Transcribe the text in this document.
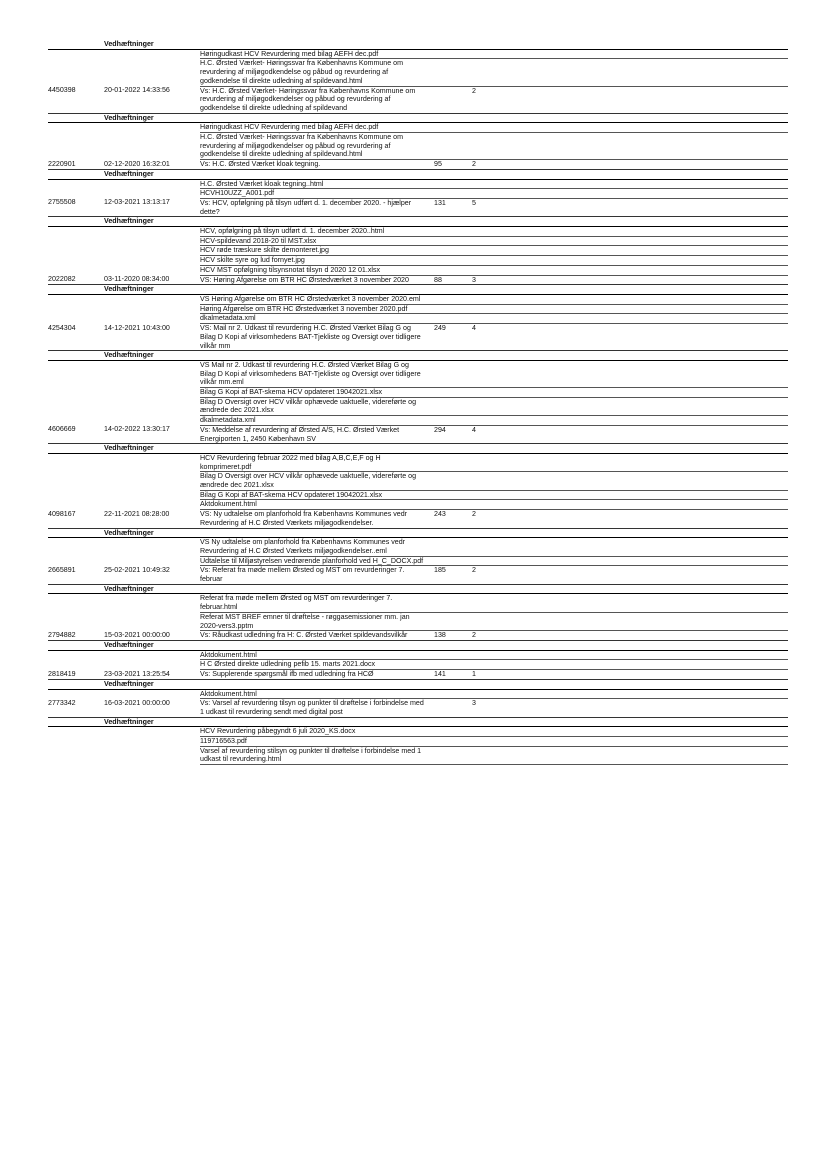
	Vedhæftninger				
		Høringudkast HCV Revurdering med bilag AEFH dec.pdf			
		H.C. Ørsted Værket- Høringssvar fra Københavns Kommune om revurdering af miljøgodkendelse og påbud og revurdering af godkendelse til direkte udledning af spildevand.html			
4450398	20-01-2022 14:33:56	Vs: H.C. Ørsted Værket- Høringssvar fra Københavns Kommune om revurdering af miljøgodkendelser og påbud og revurdering af godkendelse til direkte udledning af spildevand		2	
	Vedhæftninger				
		Høringudkast HCV Revurdering med bilag AEFH dec.pdf			
		H.C. Ørsted Værket- Høringssvar fra Københavns Kommune om revurdering af miljøgodkendelser og påbud og revurdering af godkendelse til direkte udledning af spildevand.html			
2220901	02-12-2020 16:32:01	Vs: H.C. Ørsted Værket kloak tegning.	95	2	
	Vedhæftninger				
		H.C. Ørsted Værket kloak tegning..html			
		HCVH10UZZ_A001.pdf			
2755508	12-03-2021 13:13:17	Vs: HCV, opfølgning på tilsyn udført d. 1. december 2020. - hjælper dette?	131	5	
	Vedhæftninger				
		HCV, opfølgning på tilsyn udført d. 1. december 2020..html			
		HCV-spildevand 2018-20 til MST.xlsx			
		HCV røde træskure skilte demonteret.jpg			
		HCV skilte syre og lud fornyet.jpg			
		HCV MST opfølgning tilsynsnotat tilsyn d 2020 12 01.xlsx			
2022082	03-11-2020 08:34:00	VS: Høring Afgørelse om BTR HC Ørstedværket 3 november 2020	88	3	
	Vedhæftninger				
		VS Høring Afgørelse om BTR HC Ørstedværket 3 november 2020.eml			
		Høring Afgørelse om BTR HC Ørstedværket 3 november 2020.pdf			
		dkalmetadata.xml			
4254304	14-12-2021 10:43:00	VS: Mail nr 2. Udkast til revurdering H.C. Ørsted Værket Bilag G og Bilag D Kopi af virksomhedens BAT-Tjekliste og Oversigt over tidligere vilkår mm	249	4	
	Vedhæftninger				
		VS Mail nr 2. Udkast til revurdering H.C. Ørsted Værket Bilag G og Bilag D Kopi af virksomhedens BAT-Tjekliste og Oversigt over tidligere vilkår mm.eml			
		Bilag G Kopi af BAT-skema HCV opdateret 19042021.xlsx			
		Bilag D Oversigt over HCV vilkår ophævede uaktuelle, videreførte og ændrede dec 2021.xlsx			
		dkalmetadata.xml			
4606669	14-02-2022 13:30:17	Vs: Meddelse af revurdering af Ørsted A/S, H.C. Ørsted Værket Energiporten 1, 2450 København SV	294	4	
	Vedhæftninger				
		HCV Revurdering februar 2022 med bilag A,B,C,E,F og H komprimeret.pdf			
		Bilag D Oversigt over HCV vilkår ophævede uaktuelle, videreførte og ændrede dec 2021.xlsx			
		Bilag G Kopi af BAT-skema HCV opdateret 19042021.xlsx			
		Aktdokument.html			
4098167	22-11-2021 08:28:00	VS: Ny udtalelse om planforhold fra Københavns Kommunes vedr Revurdering af H.C Ørsted Værkets miljøgodkendelser.	243	2	
	Vedhæftninger				
		VS Ny udtalelse om planforhold fra Københavns Kommunes vedr Revurdering af H.C Ørsted Værkets miljøgodkendelser..eml			
		Udtalelse til Miljøstyrelsen vedrørende planforhold ved H_C_DOCX.pdf			
2665891	25-02-2021 10:49:32	Vs: Referat fra møde mellem Ørsted og MST om revurderinger 7. februar	185	2	
	Vedhæftninger				
		Referat fra møde mellem Ørsted og MST om revurderinger 7. februar.html			
		Referat MST BREF emner til drøftelse - røggasemissioner mm. jan 2020-vers3.pptm			
2794882	15-03-2021 00:00:00	Vs: Råudkast udledning fra H: C. Ørsted Værket spildevandsvilkår	138	2	
	Vedhæftninger				
		Aktdokument.html			
		H C Ørsted direkte udledning pefib 15. marts 2021.docx			
2818419	23-03-2021 13:25:54	Vs: Supplerende spørgsmål ifb med udledning fra HCØ	141	1	
	Vedhæftninger				
		Aktdokument.html			
2773342	16-03-2021 00:00:00	Vs: Varsel af revurdering tilsyn og punkter til drøftelse i forbindelse med 1 udkast til revurdering sendt med digital post		3	
	Vedhæftninger				
		HCV Revurdering påbegyndt 6 juli 2020_KS.docx			
		119716563.pdf			
		Varsel af revurdering stilsyn og punkter til drøftelse i forbindelse med 1 udkast til revurdering.html			
